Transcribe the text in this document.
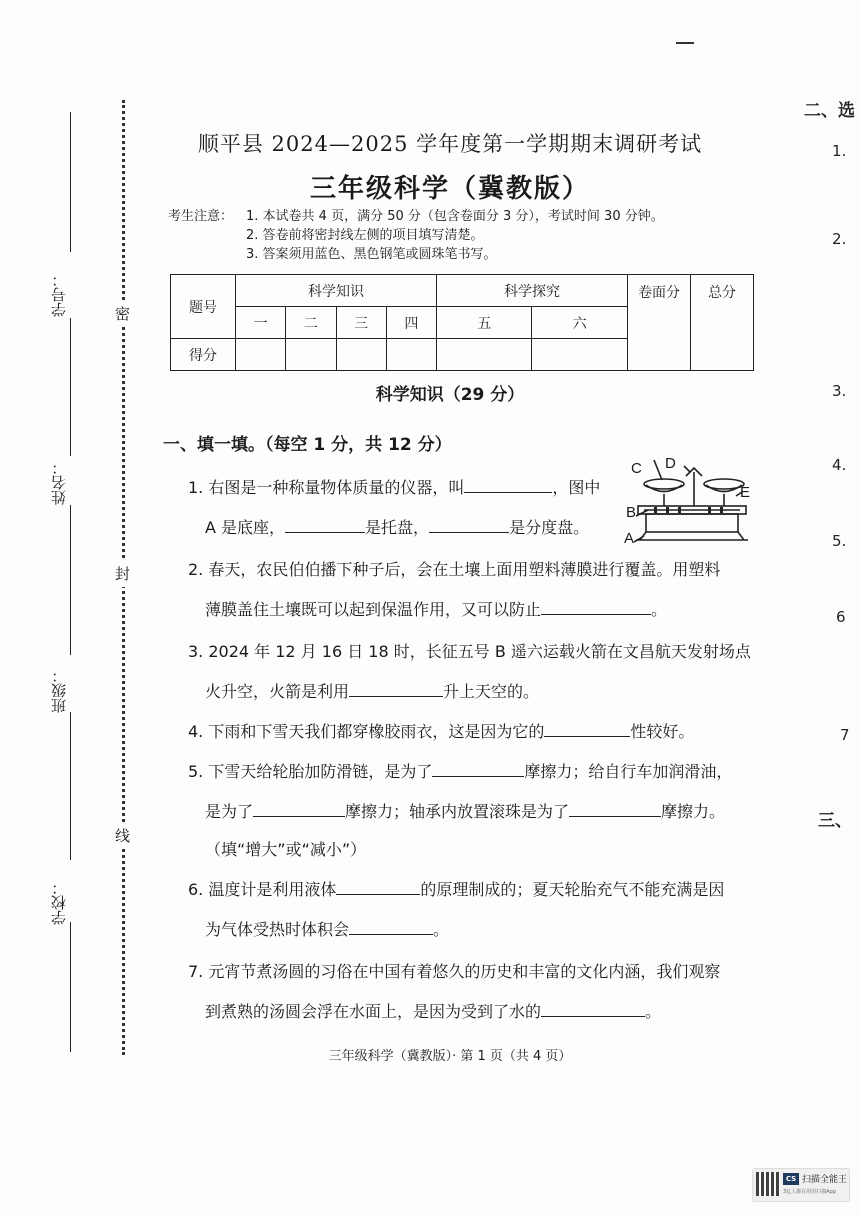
学号：
姓名：
班级：
学校：
密
封
线
顺平县 2024—2025 学年度第一学期期末调研考试
三年级科学（冀教版）
考生注意： 1. 本试卷共 4 页，满分 50 分（包含卷面分 3 分），考试时间 30 分钟。
2. 答卷前将密封线左侧的项目填写清楚。
3. 答案须用蓝色、黑色钢笔或圆珠笔书写。
题号	科学知识				科学探究		卷面分	总分
	一	二	三	四	五	六		
得分								
科学知识（29 分）
一、填一填。（每空 1 分，共 12 分）
C D
E
B
A
1. 右图是一种称量物体质量的仪器，叫	，图中
A 是底座，	是托盘，	是分度盘。
2. 春天，农民伯伯播下种子后，会在土壤上面用塑料薄膜进行覆盖。用塑料
薄膜盖住土壤既可以起到保温作用，又可以防止	。
3. 2024 年 12 月 16 日 18 时，长征五号 B 遥六运载火箭在文昌航天发射场点
火升空，火箭是利用	升上天空的。
4. 下雨和下雪天我们都穿橡胶雨衣，这是因为它的	性较好。
5. 下雪天给轮胎加防滑链，是为了	摩擦力；给自行车加润滑油，
是为了	摩擦力；轴承内放置滚珠是为了	摩擦力。
（填“增大”或“减小”）
6. 温度计是利用液体	的原理制成的；夏天轮胎充气不能充满是因
为气体受热时体积会	。
7. 元宵节煮汤圆的习俗在中国有着悠久的历史和丰富的文化内涵，我们观察
到煮熟的汤圆会浮在水面上，是因为受到了水的	。
三年级科学（冀教版）· 第 1 页（共 4 页）
二、选
1.
2.
3.
4.
5.
6
7
三、
CS 扫描全能王
3亿人都在用的扫描App
